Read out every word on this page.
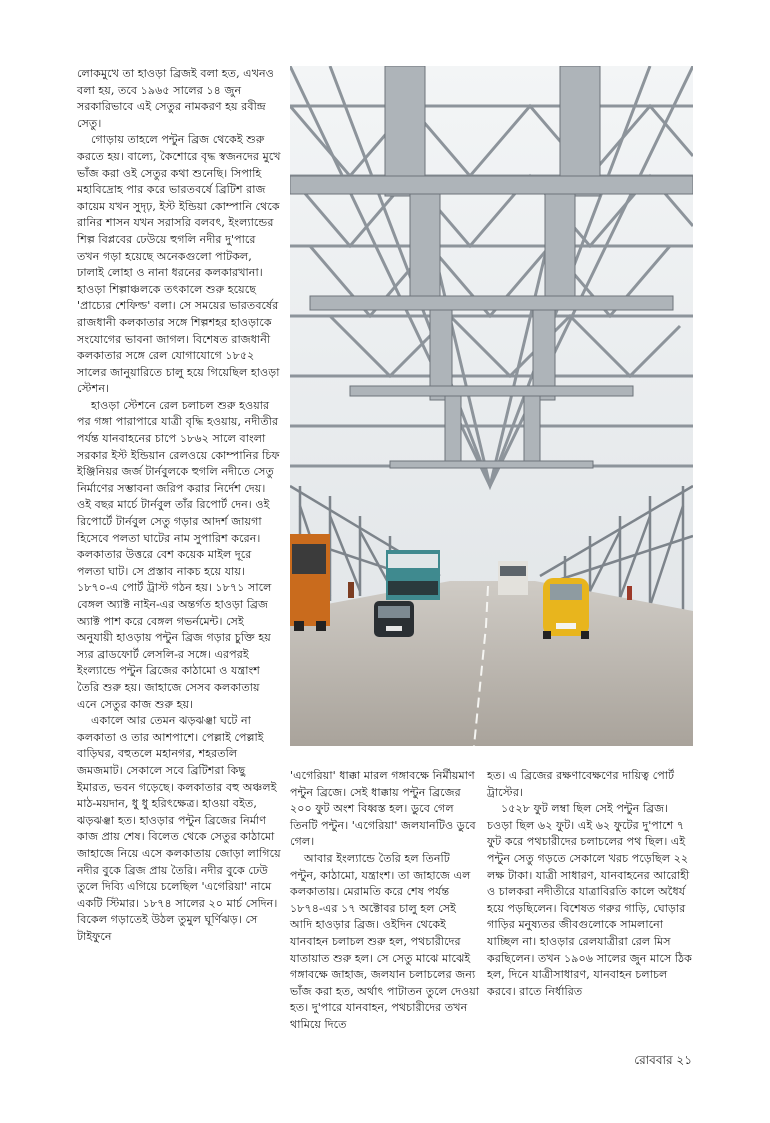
লোকমুখে তা হাওড়া ব্রিজই বলা হত, এখনও বলা হয়, তবে ১৯৬৫ সালের ১৪ জুন সরকারিভাবে এই সেতুর নামকরণ হয় রবীন্দ্র সেতু।

গোড়ায় তাহলে পন্টুন ব্রিজ থেকেই শুরু করতে হয়। বাল্যে, কৈশোরে বৃদ্ধ স্বজনদের মুখে ভাঁজ করা ওই সেতুর কথা শুনেছি। সিপাহি মহাবিদ্রোহ পার করে ভারতবর্ষে ব্রিটিশ রাজ কায়েম যখন সুদৃঢ়, ইস্ট ইন্ডিয়া কোম্পানি থেকে রানির শাসন যখন সরাসরি বলবৎ, ইংল্যান্ডের শিল্প বিপ্লবের ঢেউয়ে হুগলি নদীর দু'পারে তখন গড়া হয়েছে অনেকগুলো পাটকল, ঢালাই লোহা ও নানা ধরনের কলকারখানা। হাওড়া শিল্পাঞ্চলকে তৎকালে শুরু হয়েছে 'প্রাচ্যের শেফিল্ড' বলা। সে সময়ের ভারতবর্ষের রাজধানী কলকাতার সঙ্গে শিল্পশহর হাওড়াকে সংযোগের ভাবনা জাগল। বিশেষত রাজধানী কলকাতার সঙ্গে রেল যোগাযোগে ১৮৫২ সালের জানুয়ারিতে চালু হয়ে গিয়েছিল হাওড়া স্টেশন।

হাওড়া স্টেশনে রেল চলাচল শুরু হওয়ার পর গঙ্গা পারাপারে যাত্রী বৃদ্ধি হওয়ায়, নদীতীর পর্যন্ত যানবাহনের চাপে ১৮৬২ সালে বাংলা সরকার ইস্ট ইন্ডিয়ান রেলওয়ে কোম্পানির চিফ ইঞ্জিনিয়র জর্জ টার্নবুলকে হুগলি নদীতে সেতু নির্মাণের সম্ভাবনা জরিপ করার নির্দেশ দেয়। ওই বছর মার্চে টার্নবুল তাঁর রিপোর্ট দেন। ওই রিপোর্টে টার্নবুল সেতু গড়ার আদর্শ জায়গা হিসেবে পলতা ঘাটের নাম সুপারিশ করেন। কলকাতার উত্তরে বেশ কয়েক মাইল দূরে পলতা ঘাট। সে প্রস্তাব নাকচ হয়ে যায়। ১৮৭০-এ পোর্ট ট্রাস্ট গঠন হয়। ১৮৭১ সালে বেঙ্গল অ্যাক্ট নাইন-এর অন্তর্গত হাওড়া ব্রিজ অ্যাক্ট পাশ করে বেঙ্গল গভর্নমেন্ট। সেই অনুযায়ী হাওড়ায় পন্টুন ব্রিজ গড়ার চুক্তি হয় স্যর ব্রাডফোর্ট লেসলি-র সঙ্গে। এরপরই ইংল্যান্ডে পন্টুন ব্রিজের কাঠামো ও যন্ত্রাংশ তৈরি শুরু হয়। জাহাজে সেসব কলকাতায় এনে সেতুর কাজ শুরু হয়।

একালে আর তেমন ঝড়ঝঞ্ঝা ঘটে না কলকাতা ও তার আশপাশে। পেল্লাই পেল্লাই বাড়িঘর, বহুতলে মহানগর, শহরতলি জমজমাট। সেকালে সবে ব্রিটিশরা কিছু ইমারত, ভবন গড়েছে। কলকাতার বহু অঞ্চলই মাঠ-ময়দান, ধু ধু হরিৎক্ষেত্র। হাওয়া বইত, ঝড়ঝঞ্ঝা হত। হাওড়ার পন্টুন ব্রিজের নির্মাণ কাজ প্রায় শেষ। বিলেত থেকে সেতুর কাঠামো জাহাজে নিয়ে এসে কলকাতায় জোড়া লাগিয়ে নদীর বুকে ব্রিজ প্রায় তৈরি। নদীর বুকে ঢেউ তুলে দিব্যি এগিয়ে চলেছিল 'এগেরিয়া' নামে একটি স্টিমার। ১৮৭৪ সালের ২০ মার্চ সেদিন। বিকেল গড়াতেই উঠল তুমুল ঘূর্ণিঝড়। সে টাইফুনে

'এগেরিয়া' ধাক্কা মারল গঙ্গাবক্ষে নির্মীয়মাণ পন্টুন ব্রিজে। সেই ধাক্কায় পন্টুন ব্রিজের ২০০ ফুট অংশ বিধ্বস্ত হল। ডুবে গেল তিনটি পন্টুন। 'এগেরিয়া' জলযানটিও ডুবে গেল।

আবার ইংল্যান্ডে তৈরি হল তিনটি পন্টুন, কাঠামো, যন্ত্রাংশ। তা জাহাজে এল কলকাতায়। মেরামতি করে শেষ পর্যন্ত ১৮৭৪-এর ১৭ অক্টোবর চালু হল সেই আদি হাওড়ার ব্রিজ। ওইদিন থেকেই যানবাহন চলাচল শুরু হল, পথচারীদের যাতায়াত শুরু হল। সে সেতু মাঝে মাঝেই গঙ্গাবক্ষে জাহাজ, জলযান চলাচলের জন্য ভাঁজ করা হত, অর্থাৎ পাটাতন তুলে দেওয়া হত। দু'পারে যানবাহন, পথচারীদের তখন থামিয়ে দিতে

হত। এ ব্রিজের রক্ষণাবেক্ষণের দায়িত্ব পোর্ট ট্রাস্টের।

১৫২৮ ফুট লম্বা ছিল সেই পন্টুন ব্রিজ। চওড়া ছিল ৬২ ফুট। এই ৬২ ফুটের দু'পাশে ৭ ফুট করে পথচারীদের চলাচলের পথ ছিল। এই পন্টুন সেতু গড়তে সেকালে খরচ পড়েছিল ২২ লক্ষ টাকা। যাত্রী সাধারণ, যানবাহনের আরোহী ও চালকরা নদীতীরে যাত্রাবিরতি কালে অধৈর্য হয়ে পড়ছিলেন। বিশেষত গরুর গাড়ি, ঘোড়ার গাড়ির মনুষ্যতর জীবগুলোকে সামলানো যাচ্ছিল না। হাওড়ার রেলযাত্রীরা রেল মিস করছিলেন। তখন ১৯০৬ সালের জুন মাসে ঠিক হল, দিনে যাত্রীসাধারণ, যানবাহন চলাচল করবে। রাতে নির্ধারিত

রোববার ২১
